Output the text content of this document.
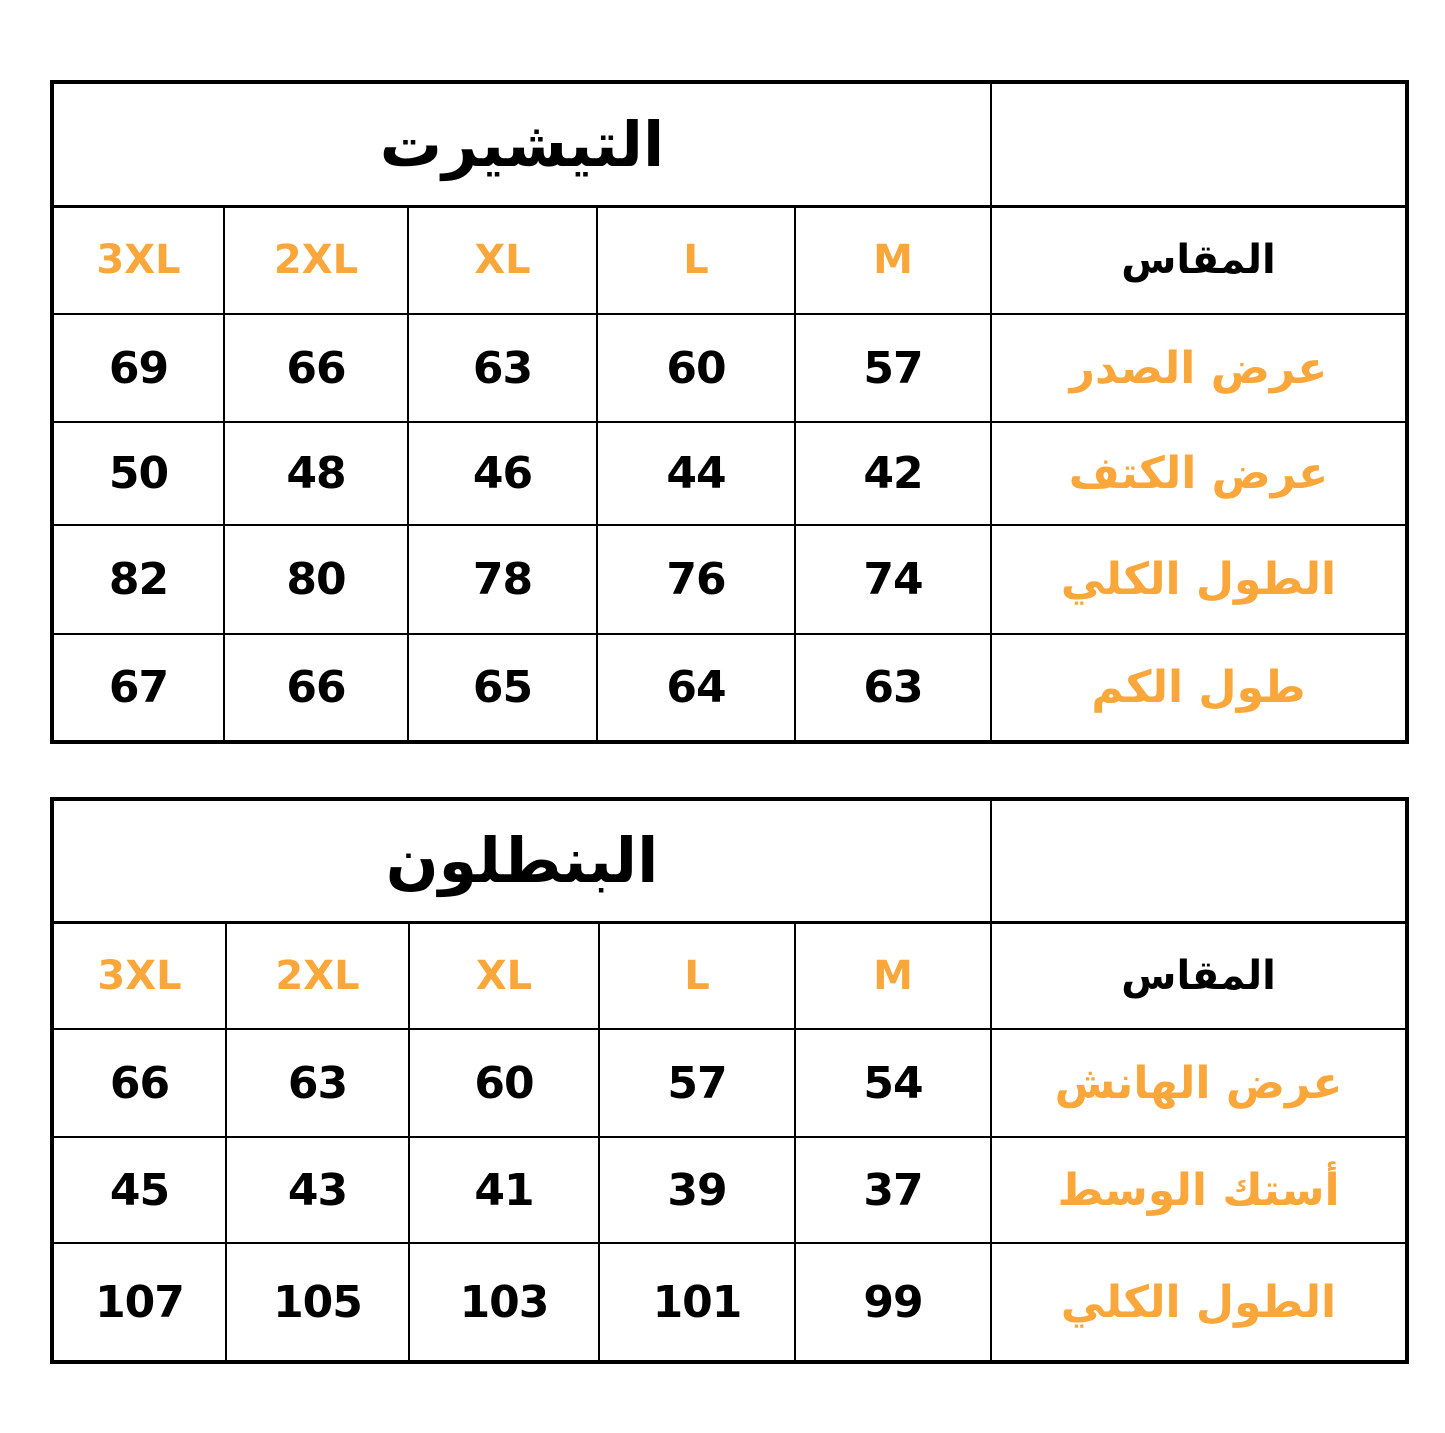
التيشيرت					
3XL	2XL	XL	L	M	المقاس
69	66	63	60	57	عرض الصدر
50	48	46	44	42	عرض الكتف
82	80	78	76	74	الطول الكلي
67	66	65	64	63	طول الكم
البنطلون					
3XL	2XL	XL	L	M	المقاس
66	63	60	57	54	عرض الهانش
45	43	41	39	37	أستك الوسط
107	105	103	101	99	الطول الكلي
